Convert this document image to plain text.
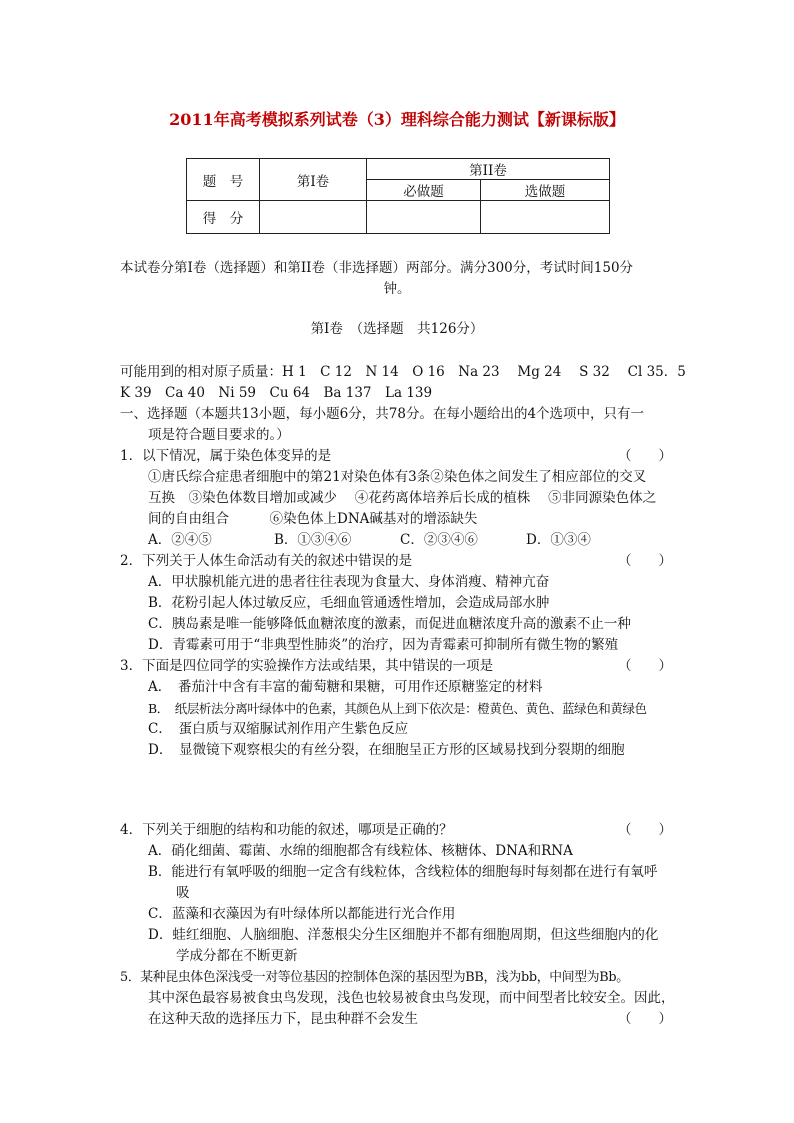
2011年高考模拟系列试卷（3）理科综合能力测试【新课标版】
题　号	第Ⅰ卷	第II卷	
		必做题	选做题
得　分			
本试卷分第Ⅰ卷（选择题）和第II卷（非选择题）两部分。满分300分，考试时间150分
钟。
第Ⅰ卷　（选择题　共126分）
可能用到的相对原子质量：H 1　C 12　N 14　O 16　Na 23　 Mg 24　 S 32　 Cl 35．5
K 39　Ca 40　Ni 59　Cu 64　Ba 137　La 139
一、选择题（本题共13小题，每小题6分，共78分。在每小题给出的4个选项中，只有一
项是符合题目要求的。）
1．以下情况，属于染色体变异的是	（　　）
①唐氏综合症患者细胞中的第21对染色体有3条②染色体之间发生了相应部位的交叉
互换　③染色体数目增加或减少　 ④花药离体培养后长成的植株　 ⑤非同源染色体之
间的自由组合　　　⑥染色体上DNA碱基对的增添缺失
A．②④⑤	B．①③④⑥	C．②③④⑥	D．①③④
2．下列关于人体生命活动有关的叙述中错误的是	（　　）
A．甲状腺机能亢进的患者往往表现为食量大、身体消瘦、精神亢奋
B．花粉引起人体过敏反应，毛细血管通透性增加，会造成局部水肿
C．胰岛素是唯一能够降低血糖浓度的激素，而促进血糖浓度升高的激素不止一种
D．青霉素可用于“非典型性肺炎”的治疗，因为青霉素可抑制所有微生物的繁殖
3．下面是四位同学的实验操作方法或结果，其中错误的一项是	（　　）
A．　番茄汁中含有丰富的葡萄糖和果糖，可用作还原糖鉴定的材料
B．　纸层析法分离叶绿体中的色素，其颜色从上到下依次是：橙黄色、黄色、蓝绿色和黄绿色
C．　蛋白质与双缩脲试剂作用产生紫色反应
D．　显微镜下观察根尖的有丝分裂，在细胞呈正方形的区域易找到分裂期的细胞
4．下列关于细胞的结构和功能的叙述，哪项是正确的？	（　　）
A．硝化细菌、霉菌、水绵的细胞都含有线粒体、核糖体、DNA和RNA
B．能进行有氧呼吸的细胞一定含有线粒体，含线粒体的细胞每时每刻都在进行有氧呼
吸
C．蓝藻和衣藻因为有叶绿体所以都能进行光合作用
D．蛙红细胞、人脑细胞、洋葱根尖分生区细胞并不都有细胞周期，但这些细胞内的化
学成分都在不断更新
5．某种昆虫体色深浅受一对等位基因的控制体色深的基因型为BB，浅为bb，中间型为Bb。
其中深色最容易被食虫鸟发现，浅色也较易被食虫鸟发现，而中间型者比较安全。因此，
在这种天敌的选择压力下，昆虫种群不会发生	（　　）
